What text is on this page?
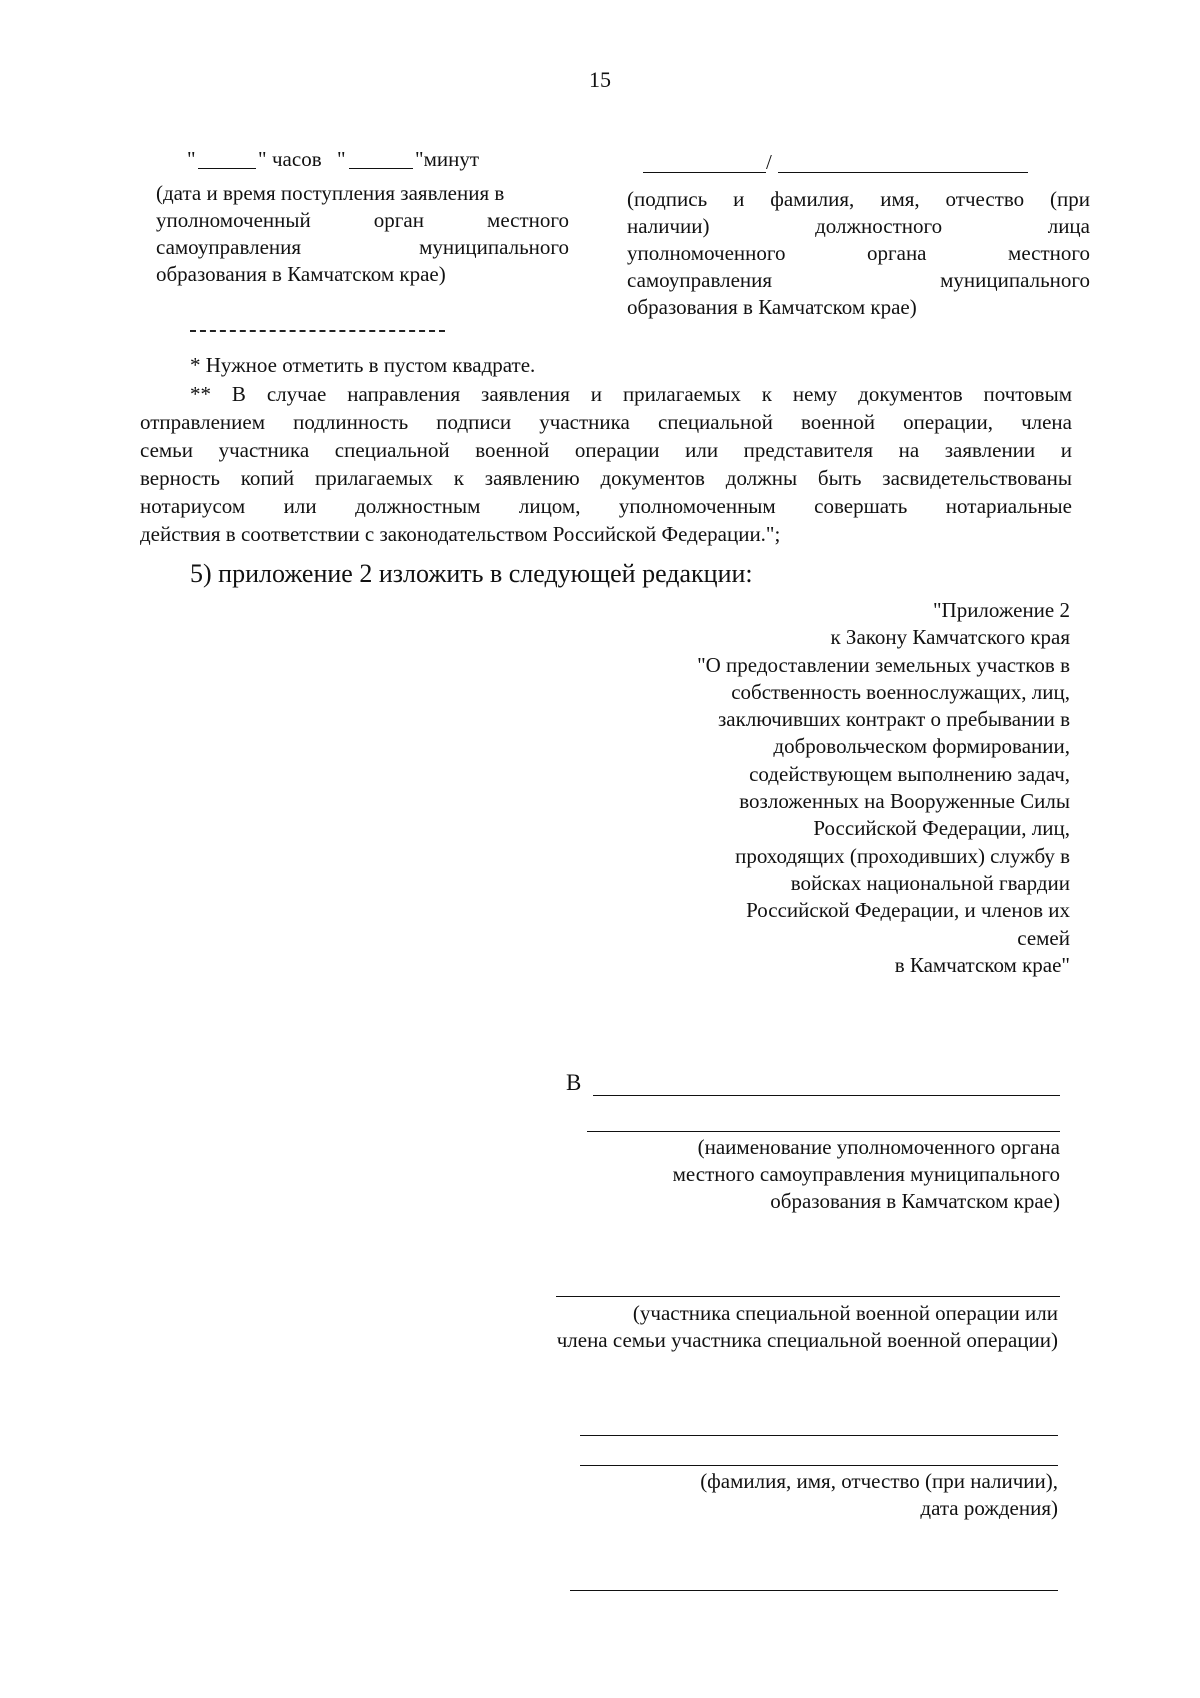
15
"	" часов "	"минут

(дата и время поступления заявления в

уполномоченный орган местного

самоуправления муниципального

образования в Камчатском крае)

/

(подпись и фамилия, имя, отчество (при

наличии) должностного лица

уполномоченного органа местного

самоуправления муниципального

образования в Камчатском крае)

* Нужное отметить в пустом квадрате.

** В случае направления заявления и прилагаемых к нему документов почтовым

отправлением подлинность подписи участника специальной военной операции, члена

семьи участника специальной военной операции или представителя на заявлении и

верность копий прилагаемых к заявлению документов должны быть засвидетельствованы

нотариусом или должностным лицом, уполномоченным совершать нотариальные

действия в соответствии с законодательством Российской Федерации.";

5) приложение 2 изложить в следующей редакции:

"Приложение 2

к Закону Камчатского края

"О предоставлении земельных участков в

собственность военнослужащих, лиц,

заключивших контракт о пребывании в

добровольческом формировании,

содействующем выполнению задач,

возложенных на Вооруженные Силы

Российской Федерации, лиц,

проходящих (проходивших) службу в

войсках национальной гвардии

Российской Федерации, и членов их

семей

в Камчатском крае"

В

(наименование уполномоченного органа

местного самоуправления муниципального

образования в Камчатском крае)

(участника специальной военной операции или

члена семьи участника специальной военной операции)

(фамилия, имя, отчество (при наличии),

дата рождения)
